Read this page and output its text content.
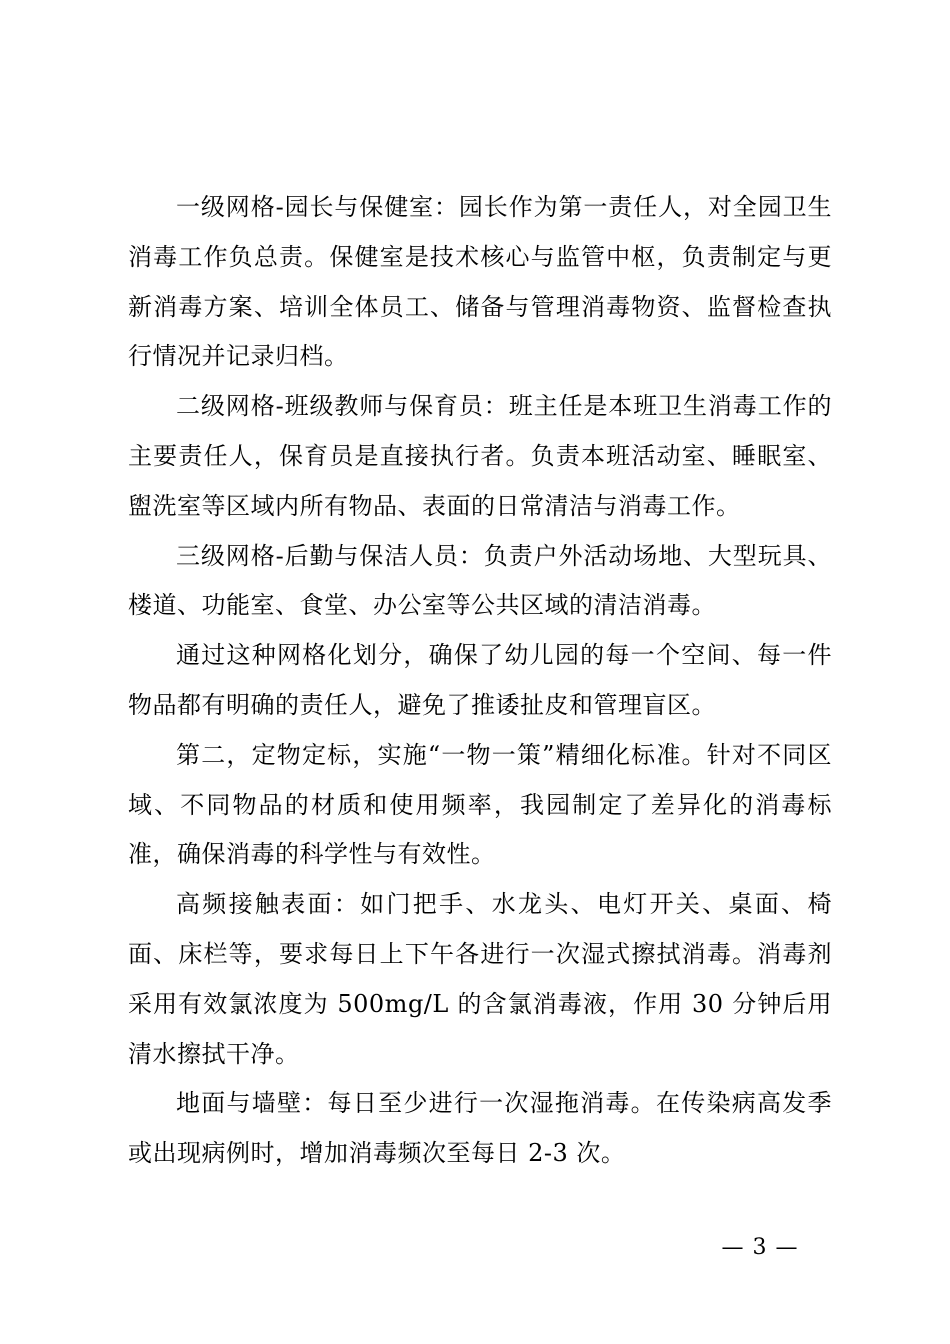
一级网格-园长与保健室：园长作为第一责任人，对全园卫生消毒工作负总责。保健室是技术核心与监管中枢，负责制定与更新消毒方案、培训全体员工、储备与管理消毒物资、监督检查执行情况并记录归档。

二级网格-班级教师与保育员：班主任是本班卫生消毒工作的主要责任人，保育员是直接执行者。负责本班活动室、睡眠室、盥洗室等区域内所有物品、表面的日常清洁与消毒工作。

三级网格-后勤与保洁人员：负责户外活动场地、大型玩具、楼道、功能室、食堂、办公室等公共区域的清洁消毒。

通过这种网格化划分，确保了幼儿园的每一个空间、每一件物品都有明确的责任人，避免了推诿扯皮和管理盲区。

第二，定物定标，实施“一物一策”精细化标准。针对不同区域、不同物品的材质和使用频率，我园制定了差异化的消毒标准，确保消毒的科学性与有效性。

高频接触表面：如门把手、水龙头、电灯开关、桌面、椅面、床栏等，要求每日上下午各进行一次湿式擦拭消毒。消毒剂采用有效氯浓度为 500mg/L 的含氯消毒液，作用 30 分钟后用清水擦拭干净。

地面与墙壁：每日至少进行一次湿拖消毒。在传染病高发季或出现病例时，增加消毒频次至每日 2-3 次。

— 3 —
